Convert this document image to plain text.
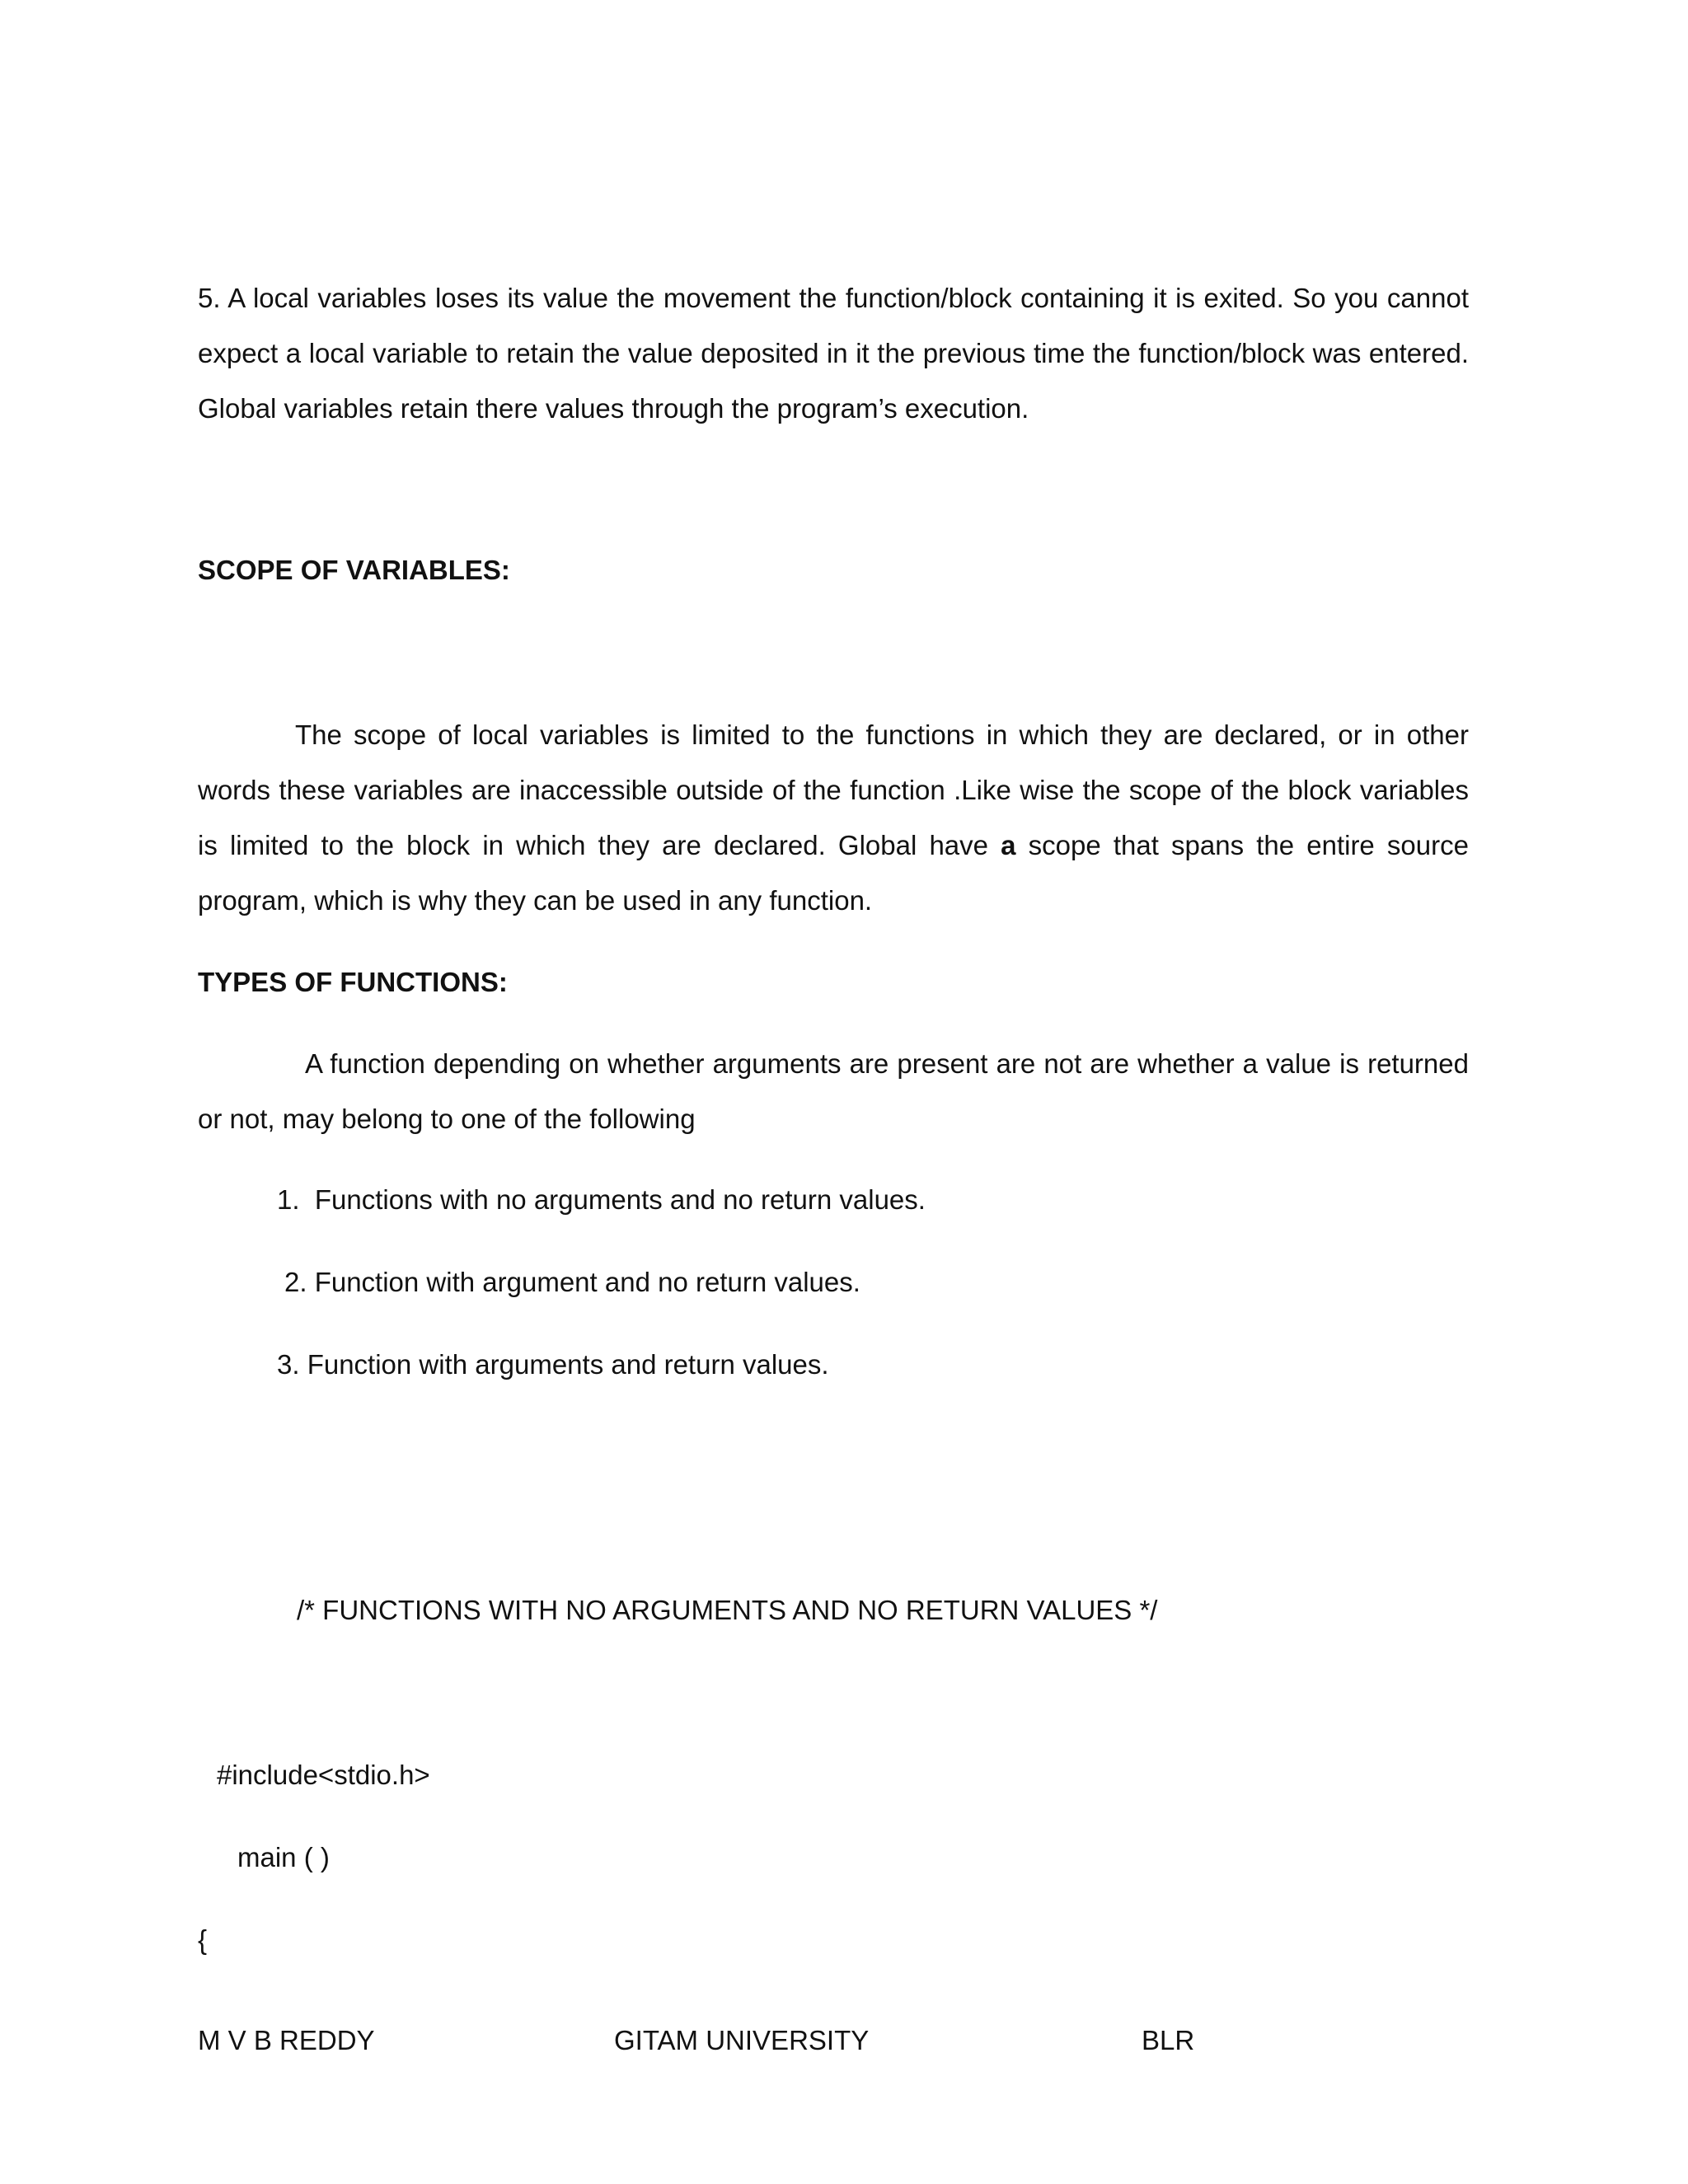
5. A local variables loses its value the movement the function/block containing it is exited. So you cannot expect a local variable to retain the value deposited in it the previous time the function/block was entered. Global variables retain there values through the program’s execution.

SCOPE OF VARIABLES:

The scope of local variables is limited to the functions in which they are declared, or in other words these variables are inaccessible outside of the function .Like wise the scope of the block variables is limited to the block in which they are declared. Global have a scope that spans the entire source program, which is why they can be used in any function.

TYPES OF FUNCTIONS:

A function depending on whether arguments are present are not are whether a value is returned or not, may belong to one of the following

1.  Functions with no arguments and no return values.

2. Function with argument and no return values.

3. Function with arguments and return values.

/* FUNCTIONS WITH NO ARGUMENTS AND NO RETURN VALUES */

#include<stdio.h>

main ( )

{

M V B REDDY	GITAM UNIVERSITY	BLR
